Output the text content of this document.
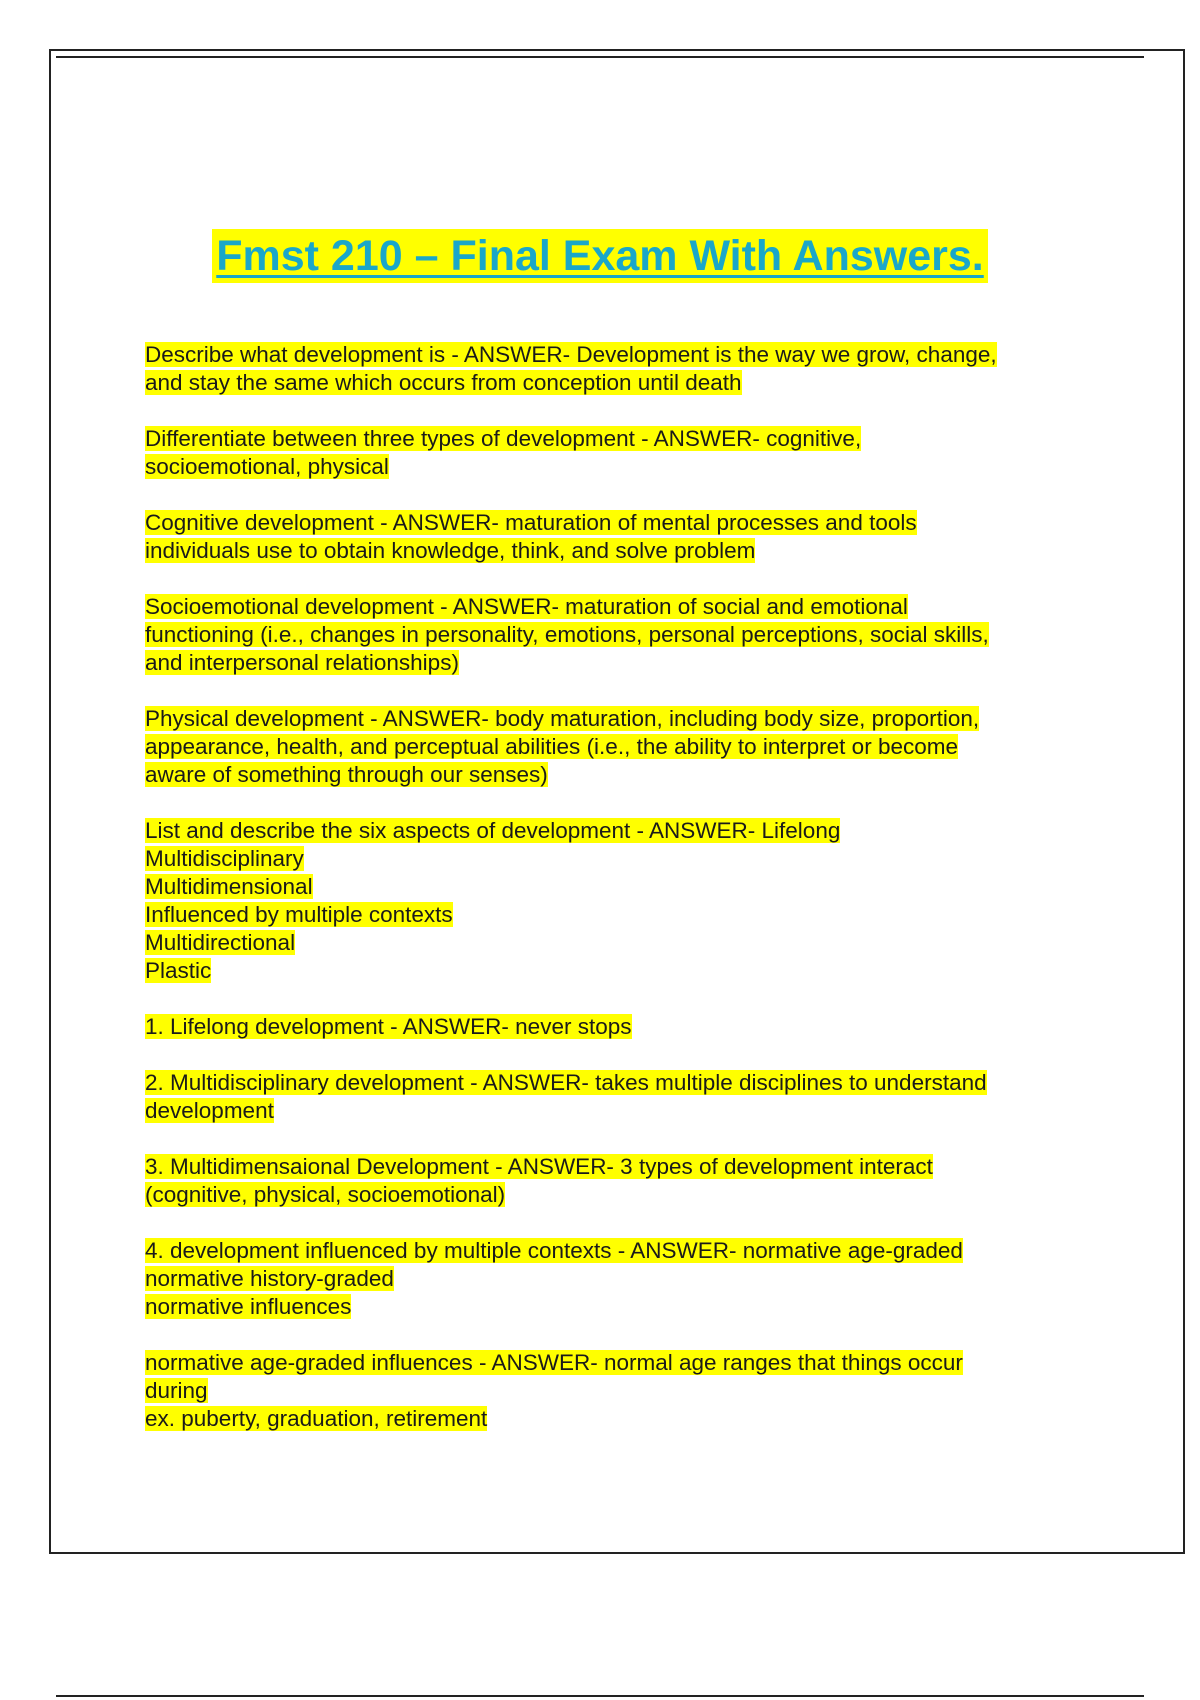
Fmst 210 – Final Exam With Answers.
Describe what development is - ANSWER- Development is the way we grow, change,
and stay the same which occurs from conception until death
Differentiate between three types of development - ANSWER- cognitive,
socioemotional, physical
Cognitive development - ANSWER- maturation of mental processes and tools
individuals use to obtain knowledge, think, and solve problem
Socioemotional development - ANSWER- maturation of social and emotional
functioning (i.e., changes in personality, emotions, personal perceptions, social skills,
and interpersonal relationships)
Physical development - ANSWER- body maturation, including body size, proportion,
appearance, health, and perceptual abilities (i.e., the ability to interpret or become
aware of something through our senses)
List and describe the six aspects of development - ANSWER- Lifelong
Multidisciplinary
Multidimensional
Influenced by multiple contexts
Multidirectional
Plastic
1. Lifelong development - ANSWER- never stops
2. Multidisciplinary development - ANSWER- takes multiple disciplines to understand
development
3. Multidimensaional Development - ANSWER- 3 types of development interact
(cognitive, physical, socioemotional)
4. development influenced by multiple contexts - ANSWER- normative age-graded
normative history-graded
normative influences
normative age-graded influences - ANSWER- normal age ranges that things occur
during
ex. puberty, graduation, retirement
